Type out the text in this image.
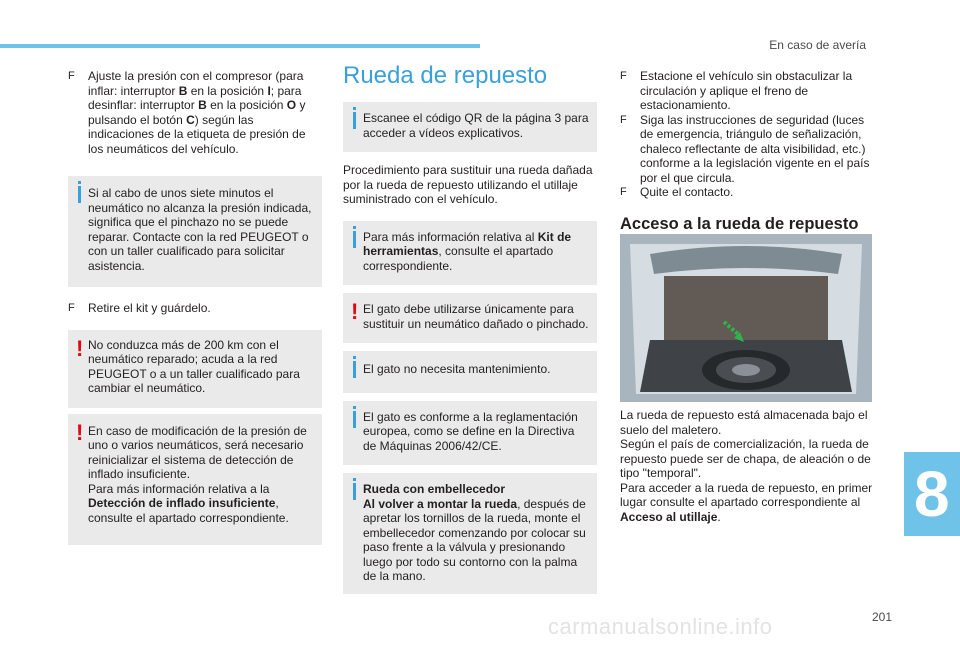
En caso de avería
F Ajuste la presión con el compresor (para inflar: interruptor B en la posición I; para desinflar: interruptor B en la posición O y pulsando el botón C) según las indicaciones de la etiqueta de presión de los neumáticos del vehículo.

Si al cabo de unos siete minutos el neumático no alcanza la presión indicada, significa que el pinchazo no se puede reparar. Contacte con la red PEUGEOT o con un taller cualificado para solicitar asistencia.

F Retire el kit y guárdelo.
! No conduzca más de 200 km con el neumático reparado; acuda a la red PEUGEOT o a un taller cualificado para cambiar el neumático.

! En caso de modificación de la presión de uno o varios neumáticos, será necesario reinicializar el sistema de detección de inflado insuficiente.
Para más información relativa a la
Detección de inflado insuficiente, consulte el apartado correspondiente.

Rueda de repuesto

Escanee el código QR de la página 3 para acceder a vídeos explicativos.

Procedimiento para sustituir una rueda dañada por la rueda de repuesto utilizando el utillaje suministrado con el vehículo.

Para más información relativa al Kit de herramientas, consulte el apartado correspondiente.

! El gato debe utilizarse únicamente para sustituir un neumático dañado o pinchado.

El gato no necesita mantenimiento.

El gato es conforme a la reglamentación europea, como se define en la Directiva de Máquinas 2006/42/CE.

Rueda con embellecedor
Al volver a montar la rueda, después de apretar los tornillos de la rueda, monte el embellecedor comenzando por colocar su paso frente a la válvula y presionando luego por todo su contorno con la palma de la mano.

F Estacione el vehículo sin obstaculizar la circulación y aplique el freno de estacionamiento.
F Siga las instrucciones de seguridad (luces de emergencia, triángulo de señalización, chaleco reflectante de alta visibilidad, etc.) conforme a la legislación vigente en el país por el que circula.
F Quite el contacto.
Acceso a la rueda de repuesto

La rueda de repuesto está almacenada bajo el suelo del maletero.

Según el país de comercialización, la rueda de repuesto puede ser de chapa, de aleación o de tipo "temporal".

Para acceder a la rueda de repuesto, en primer lugar consulte el apartado correspondiente al Acceso al utillaje.	8
201
carmanualsonline.info
